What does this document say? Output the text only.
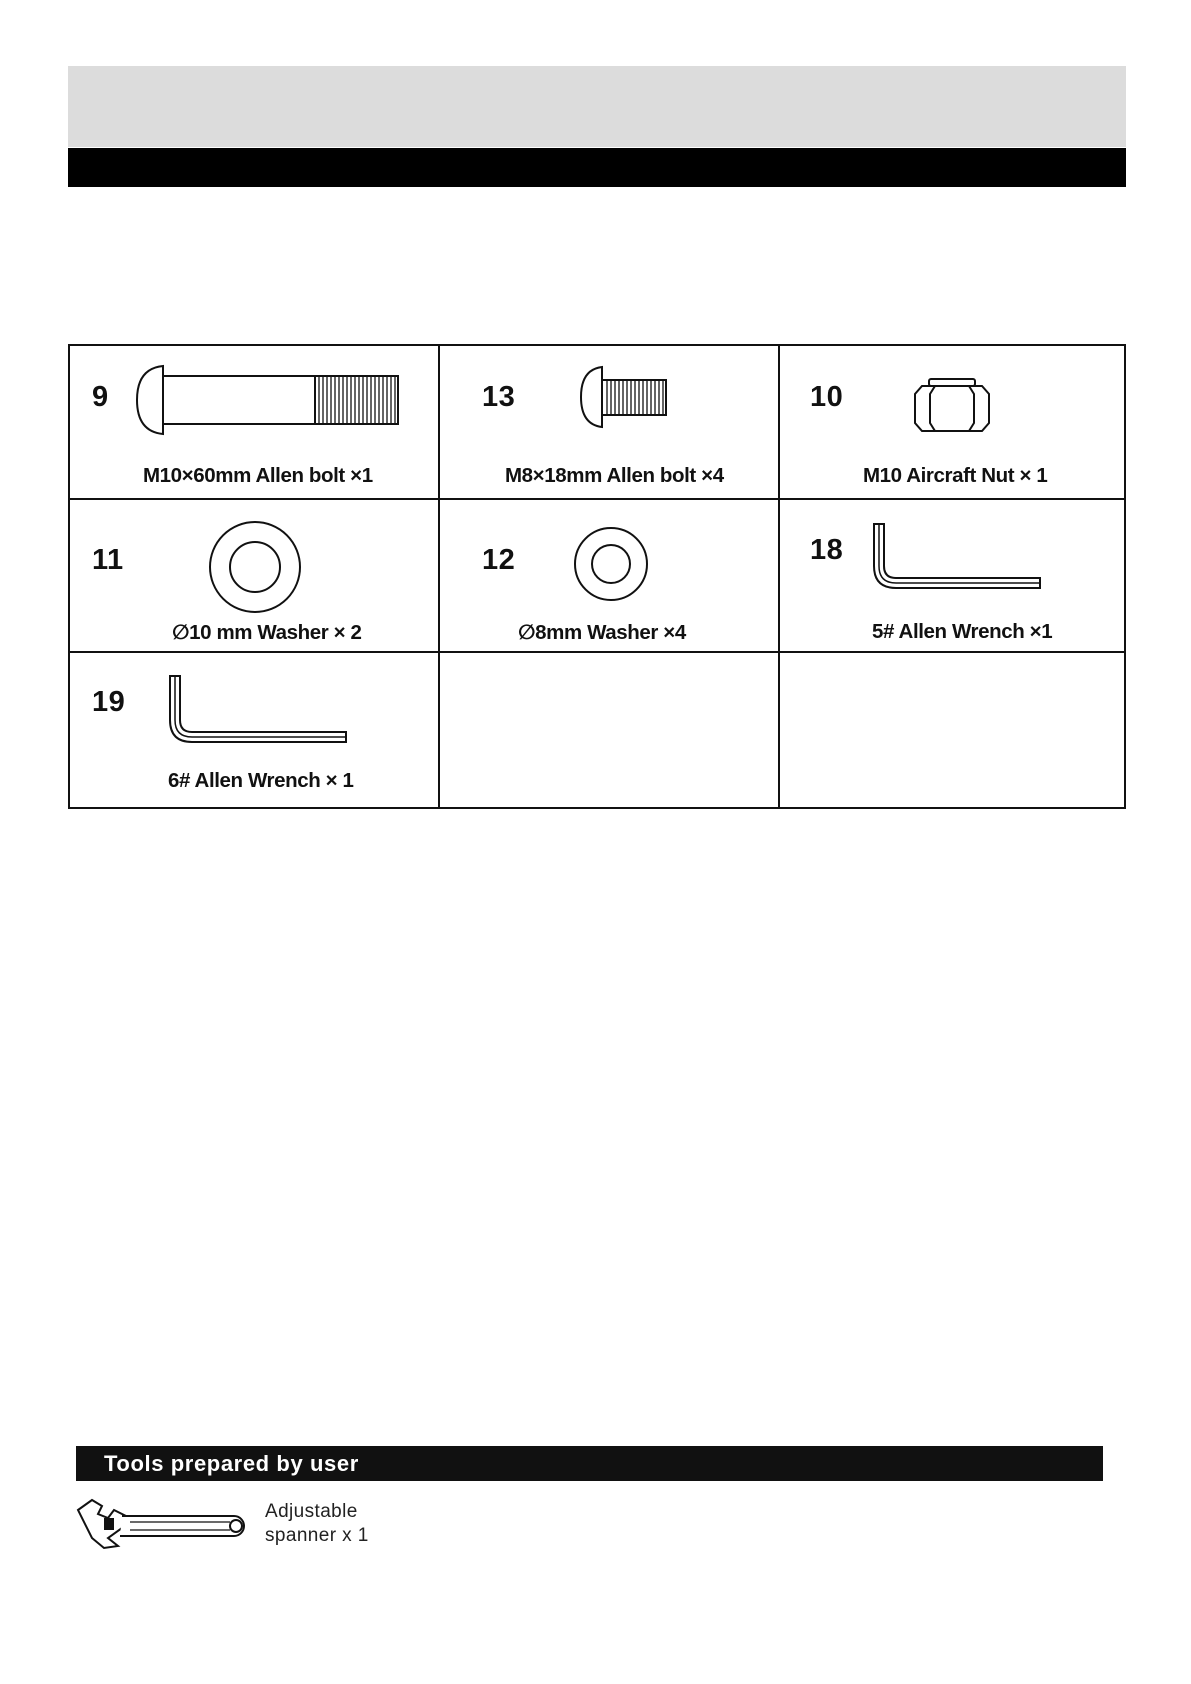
9
M10×60mm Allen bolt ×1
13
M8×18mm Allen bolt ×4
10
M10 Aircraft Nut × 1
11
∅10 mm Washer × 2
12
∅8mm Washer ×4
18
5# Allen Wrench ×1
19
6# Allen Wrench × 1
Tools prepared by user
Adjustable
spanner x 1
